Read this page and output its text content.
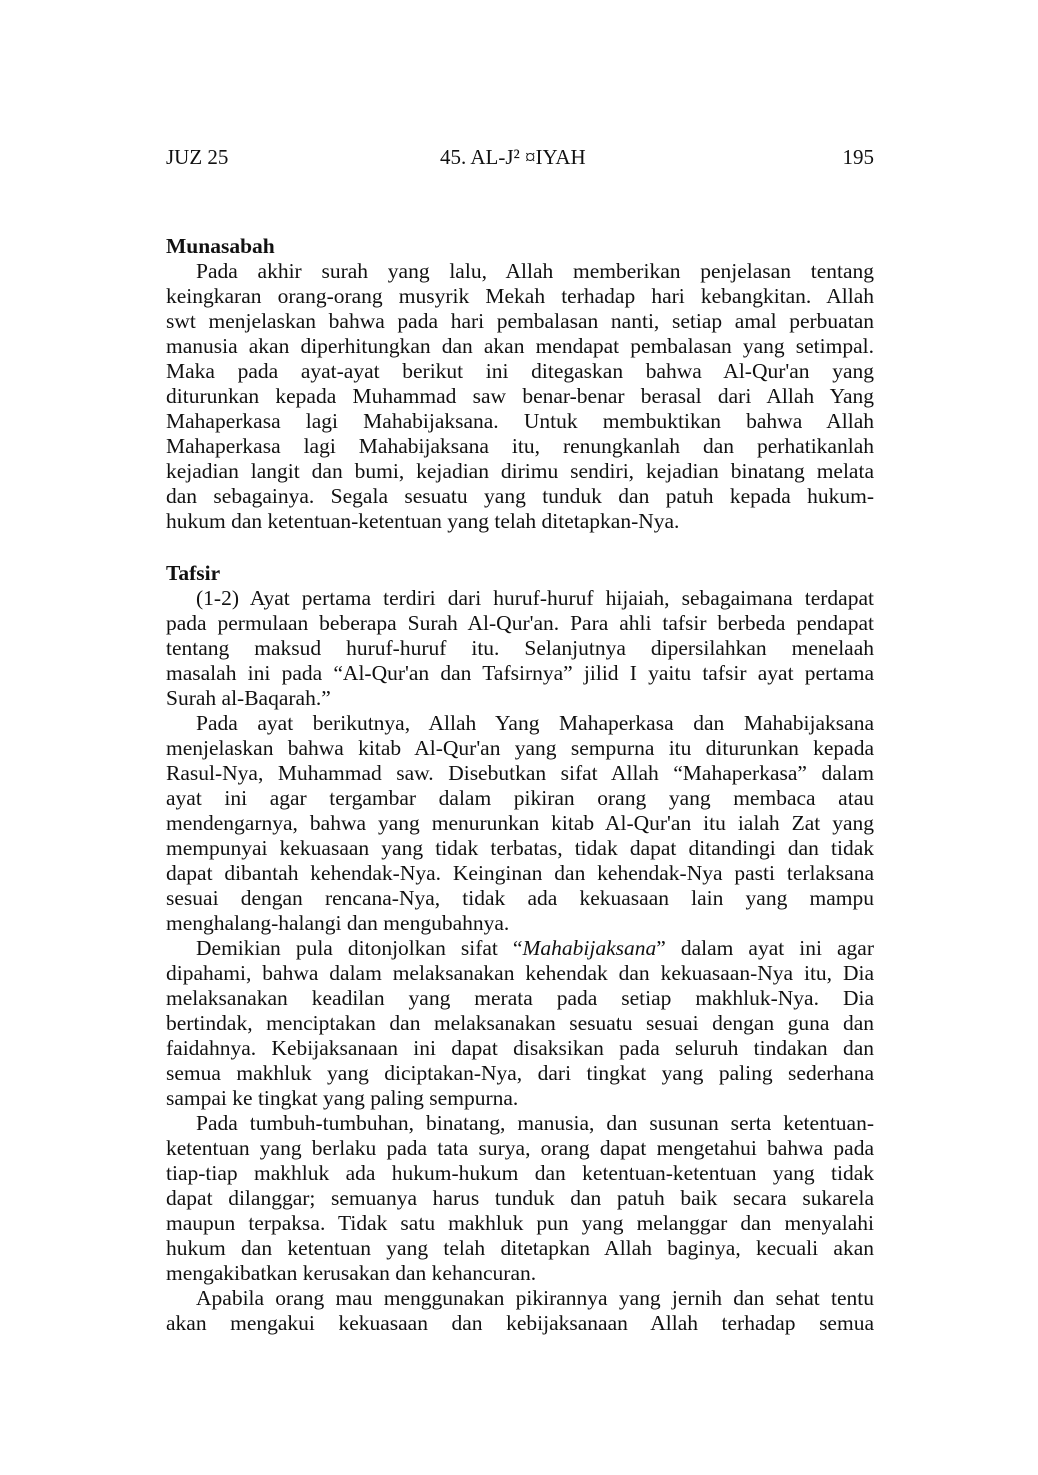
JUZ 25	45. AL-J² ¤IYAH	195
Munasabah
Pada akhir surah yang lalu, Allah memberikan penjelasan tentang
keingkaran orang-orang musyrik Mekah terhadap hari kebangkitan. Allah
swt menjelaskan bahwa pada hari pembalasan nanti, setiap amal perbuatan
manusia akan diperhitungkan dan akan mendapat pembalasan yang setimpal.
Maka pada ayat-ayat berikut ini ditegaskan bahwa Al-Qur'an yang
diturunkan kepada Muhammad saw benar-benar berasal dari Allah Yang
Mahaperkasa lagi Mahabijaksana. Untuk membuktikan bahwa Allah
Mahaperkasa lagi Mahabijaksana itu, renungkanlah dan perhatikanlah
kejadian langit dan bumi, kejadian dirimu sendiri, kejadian binatang melata
dan sebagainya. Segala sesuatu yang tunduk dan patuh kepada hukum-
hukum dan ketentuan-ketentuan yang telah ditetapkan-Nya.
Tafsir
(1-2) Ayat pertama terdiri dari huruf-huruf hijaiah, sebagaimana terdapat
pada permulaan beberapa Surah Al-Qur'an. Para ahli tafsir berbeda pendapat
tentang maksud huruf-huruf itu. Selanjutnya dipersilahkan menelaah
masalah ini pada “Al-Qur'an dan Tafsirnya” jilid I yaitu tafsir ayat pertama
Surah al-Baqarah.”
Pada ayat berikutnya, Allah Yang Mahaperkasa dan Mahabijaksana
menjelaskan bahwa kitab Al-Qur'an yang sempurna itu diturunkan kepada
Rasul-Nya, Muhammad saw. Disebutkan sifat Allah “Mahaperkasa” dalam
ayat ini agar tergambar dalam pikiran orang yang membaca atau
mendengarnya, bahwa yang menurunkan kitab Al-Qur'an itu ialah Zat yang
mempunyai kekuasaan yang tidak terbatas, tidak dapat ditandingi dan tidak
dapat dibantah kehendak-Nya. Keinginan dan kehendak-Nya pasti terlaksana
sesuai dengan rencana-Nya, tidak ada kekuasaan lain yang mampu
menghalang-halangi dan mengubahnya.
Demikian pula ditonjolkan sifat “Mahabijaksana” dalam ayat ini agar
dipahami, bahwa dalam melaksanakan kehendak dan kekuasaan-Nya itu, Dia
melaksanakan keadilan yang merata pada setiap makhluk-Nya. Dia
bertindak, menciptakan dan melaksanakan sesuatu sesuai dengan guna dan
faidahnya. Kebijaksanaan ini dapat disaksikan pada seluruh tindakan dan
semua makhluk yang diciptakan-Nya, dari tingkat yang paling sederhana
sampai ke tingkat yang paling sempurna.
Pada tumbuh-tumbuhan, binatang, manusia, dan susunan serta ketentuan-
ketentuan yang berlaku pada tata surya, orang dapat mengetahui bahwa pada
tiap-tiap makhluk ada hukum-hukum dan ketentuan-ketentuan yang tidak
dapat dilanggar; semuanya harus tunduk dan patuh baik secara sukarela
maupun terpaksa. Tidak satu makhluk pun yang melanggar dan menyalahi
hukum dan ketentuan yang telah ditetapkan Allah baginya, kecuali akan
mengakibatkan kerusakan dan kehancuran.
Apabila orang mau menggunakan pikirannya yang jernih dan sehat tentu
akan mengakui kekuasaan dan kebijaksanaan Allah terhadap semua
